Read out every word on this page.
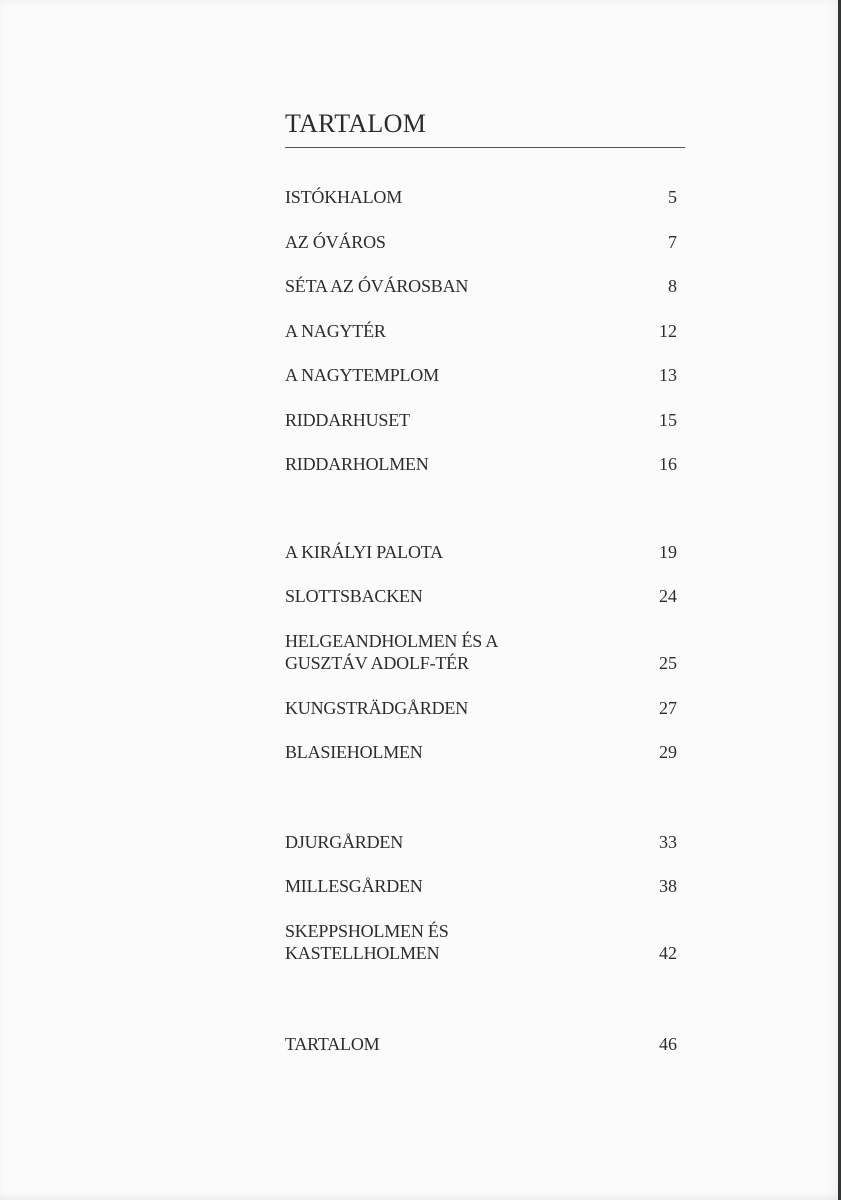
TARTALOM
ISTÓKHALOM	5
AZ ÓVÁROS	7
SÉTA AZ ÓVÁROSBAN	8
A NAGYTÉR	12
A NAGYTEMPLOM	13
RIDDARHUSET	15
RIDDARHOLMEN	16
A KIRÁLYI PALOTA	19
SLOTTSBACKEN	24
HELGEANDHOLMEN ÉS A
GUSZTÁV ADOLF-TÉR	25
KUNGSTRÄDGÅRDEN	27
BLASIEHOLMEN	29
DJURGÅRDEN	33
MILLESGÅRDEN	38
SKEPPSHOLMEN ÉS
KASTELLHOLMEN	42
TARTALOM	46
